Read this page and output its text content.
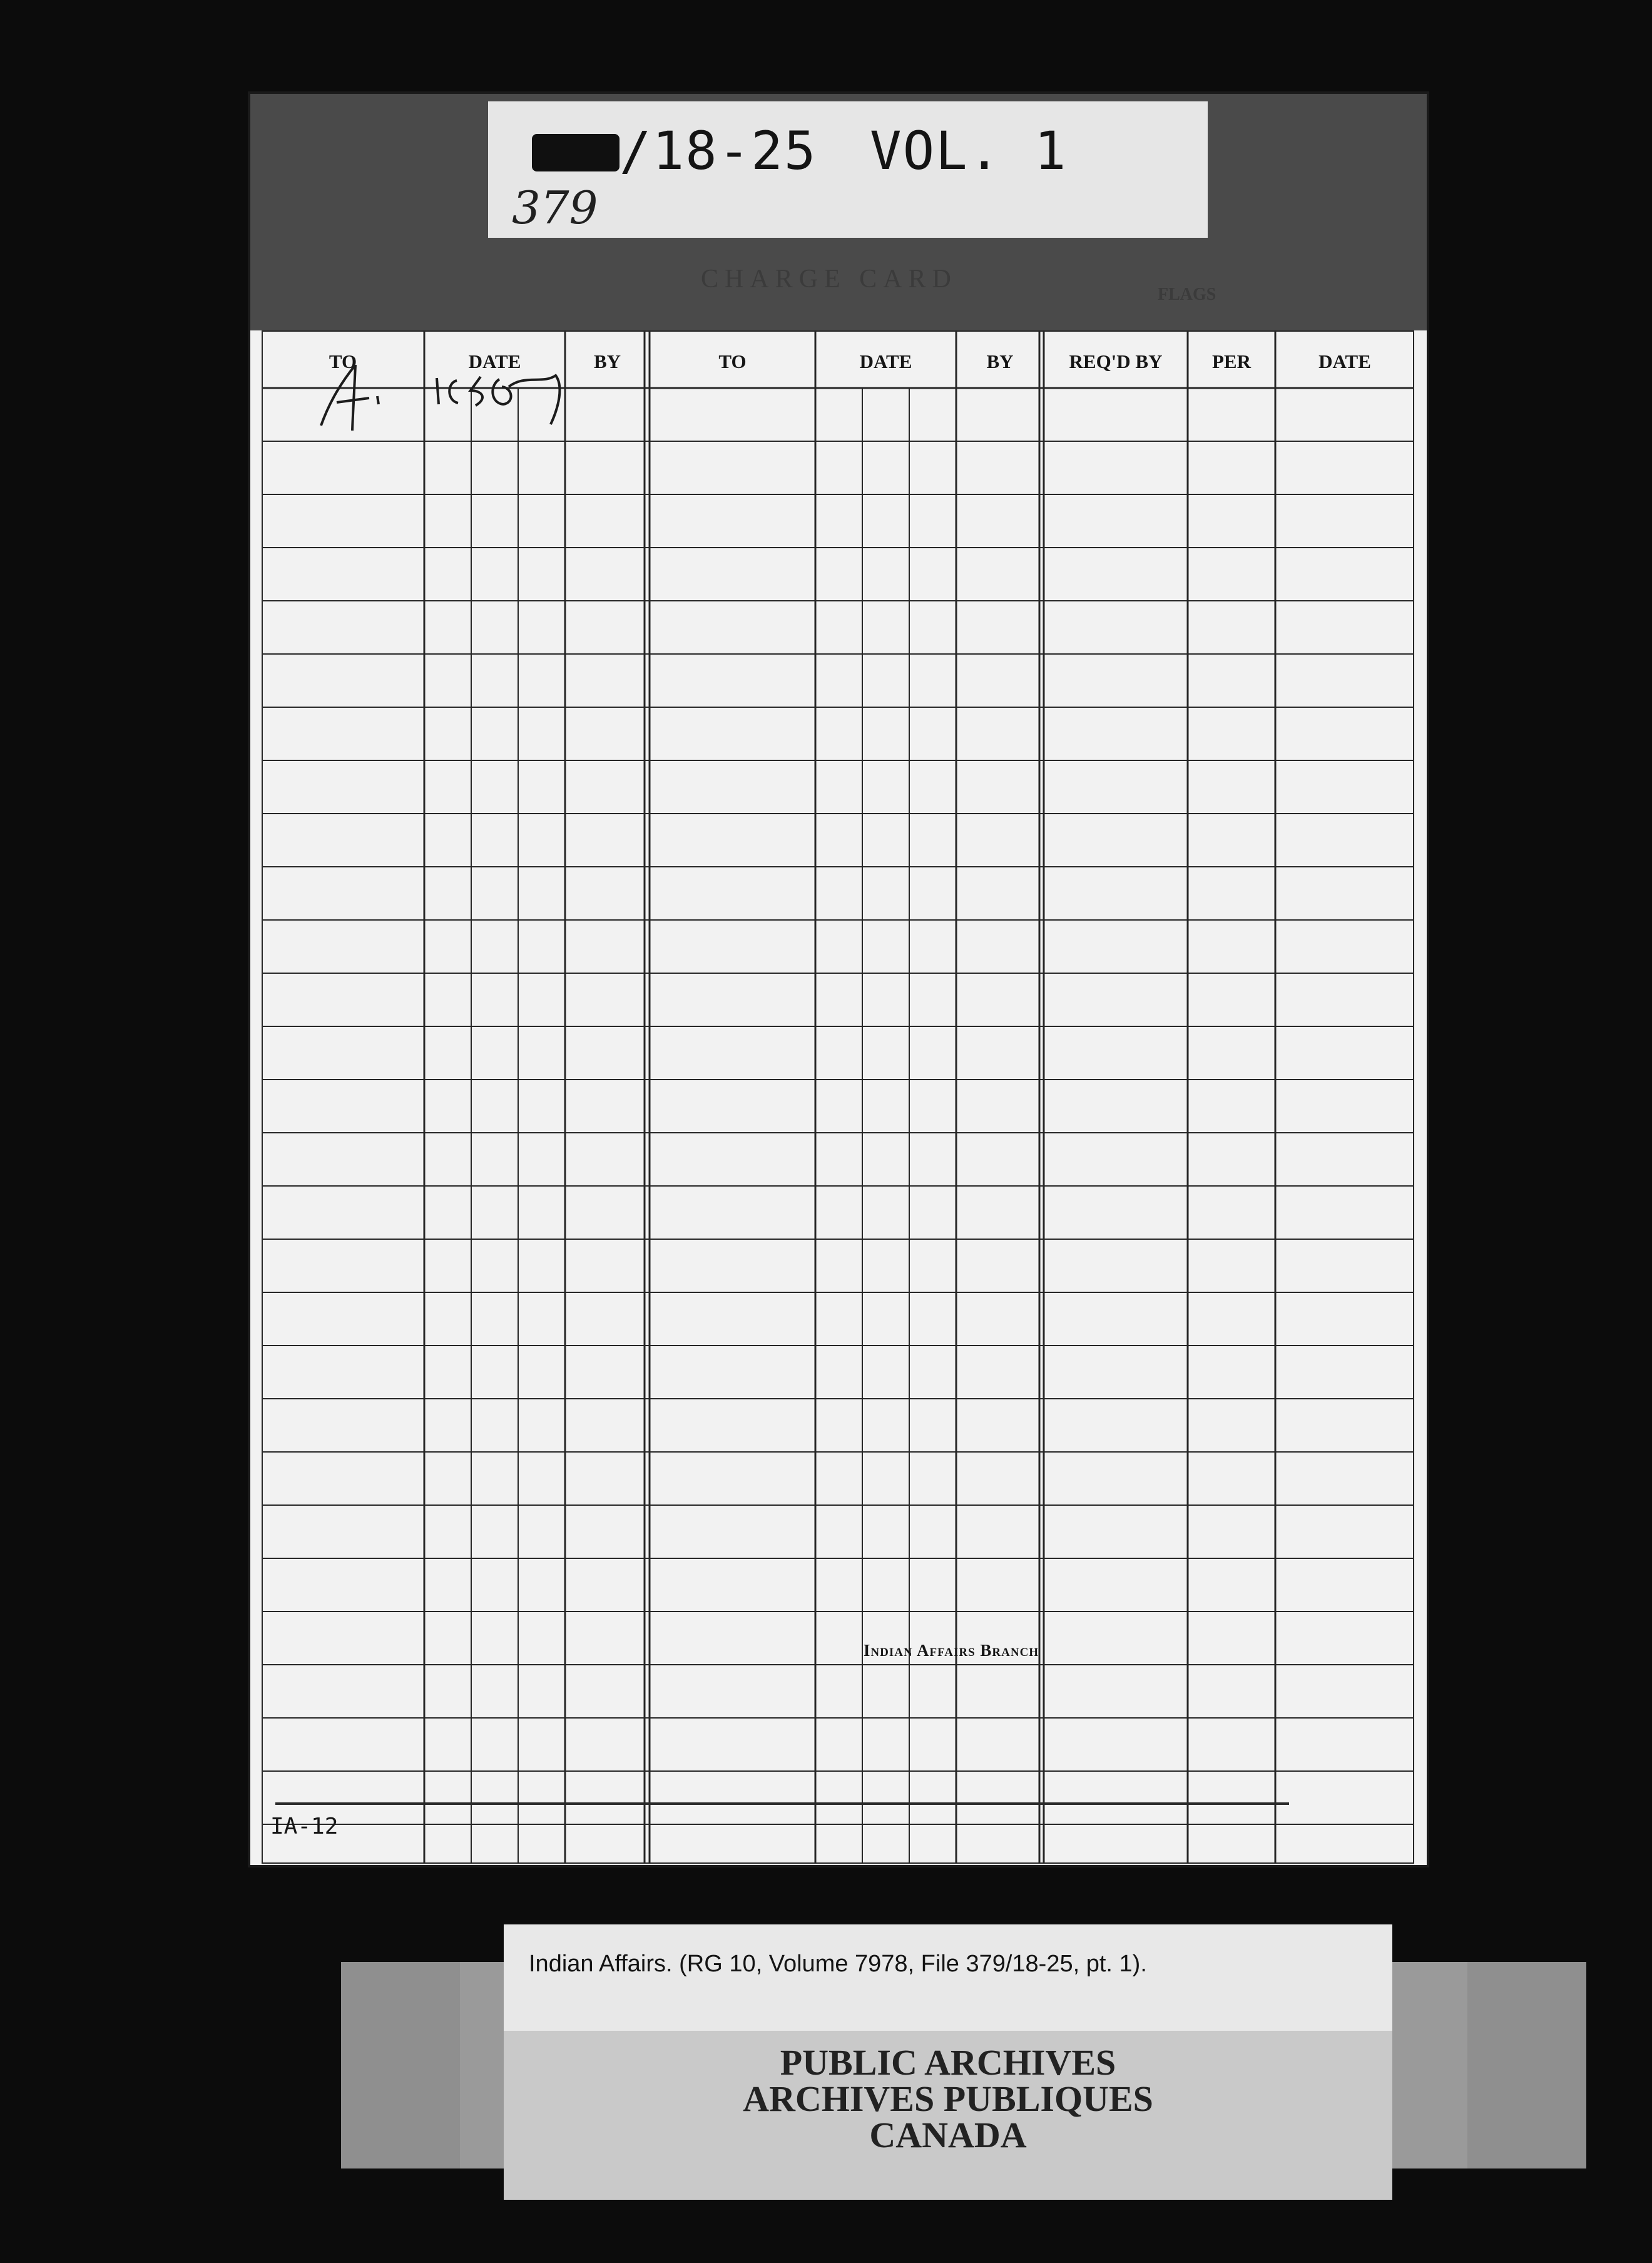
/18-25 VOL. 1

379

CHARGE CARD

FLAGS

TO	DATE	BY	TO	DATE	BY	REQ'D BY	PER	DATE

Indian Affairs Branch

IA-12

Indian Affairs. (RG 10, Volume 7978, File 379/18-25, pt. 1).

PUBLIC ARCHIVES

ARCHIVES PUBLIQUES

CANADA
